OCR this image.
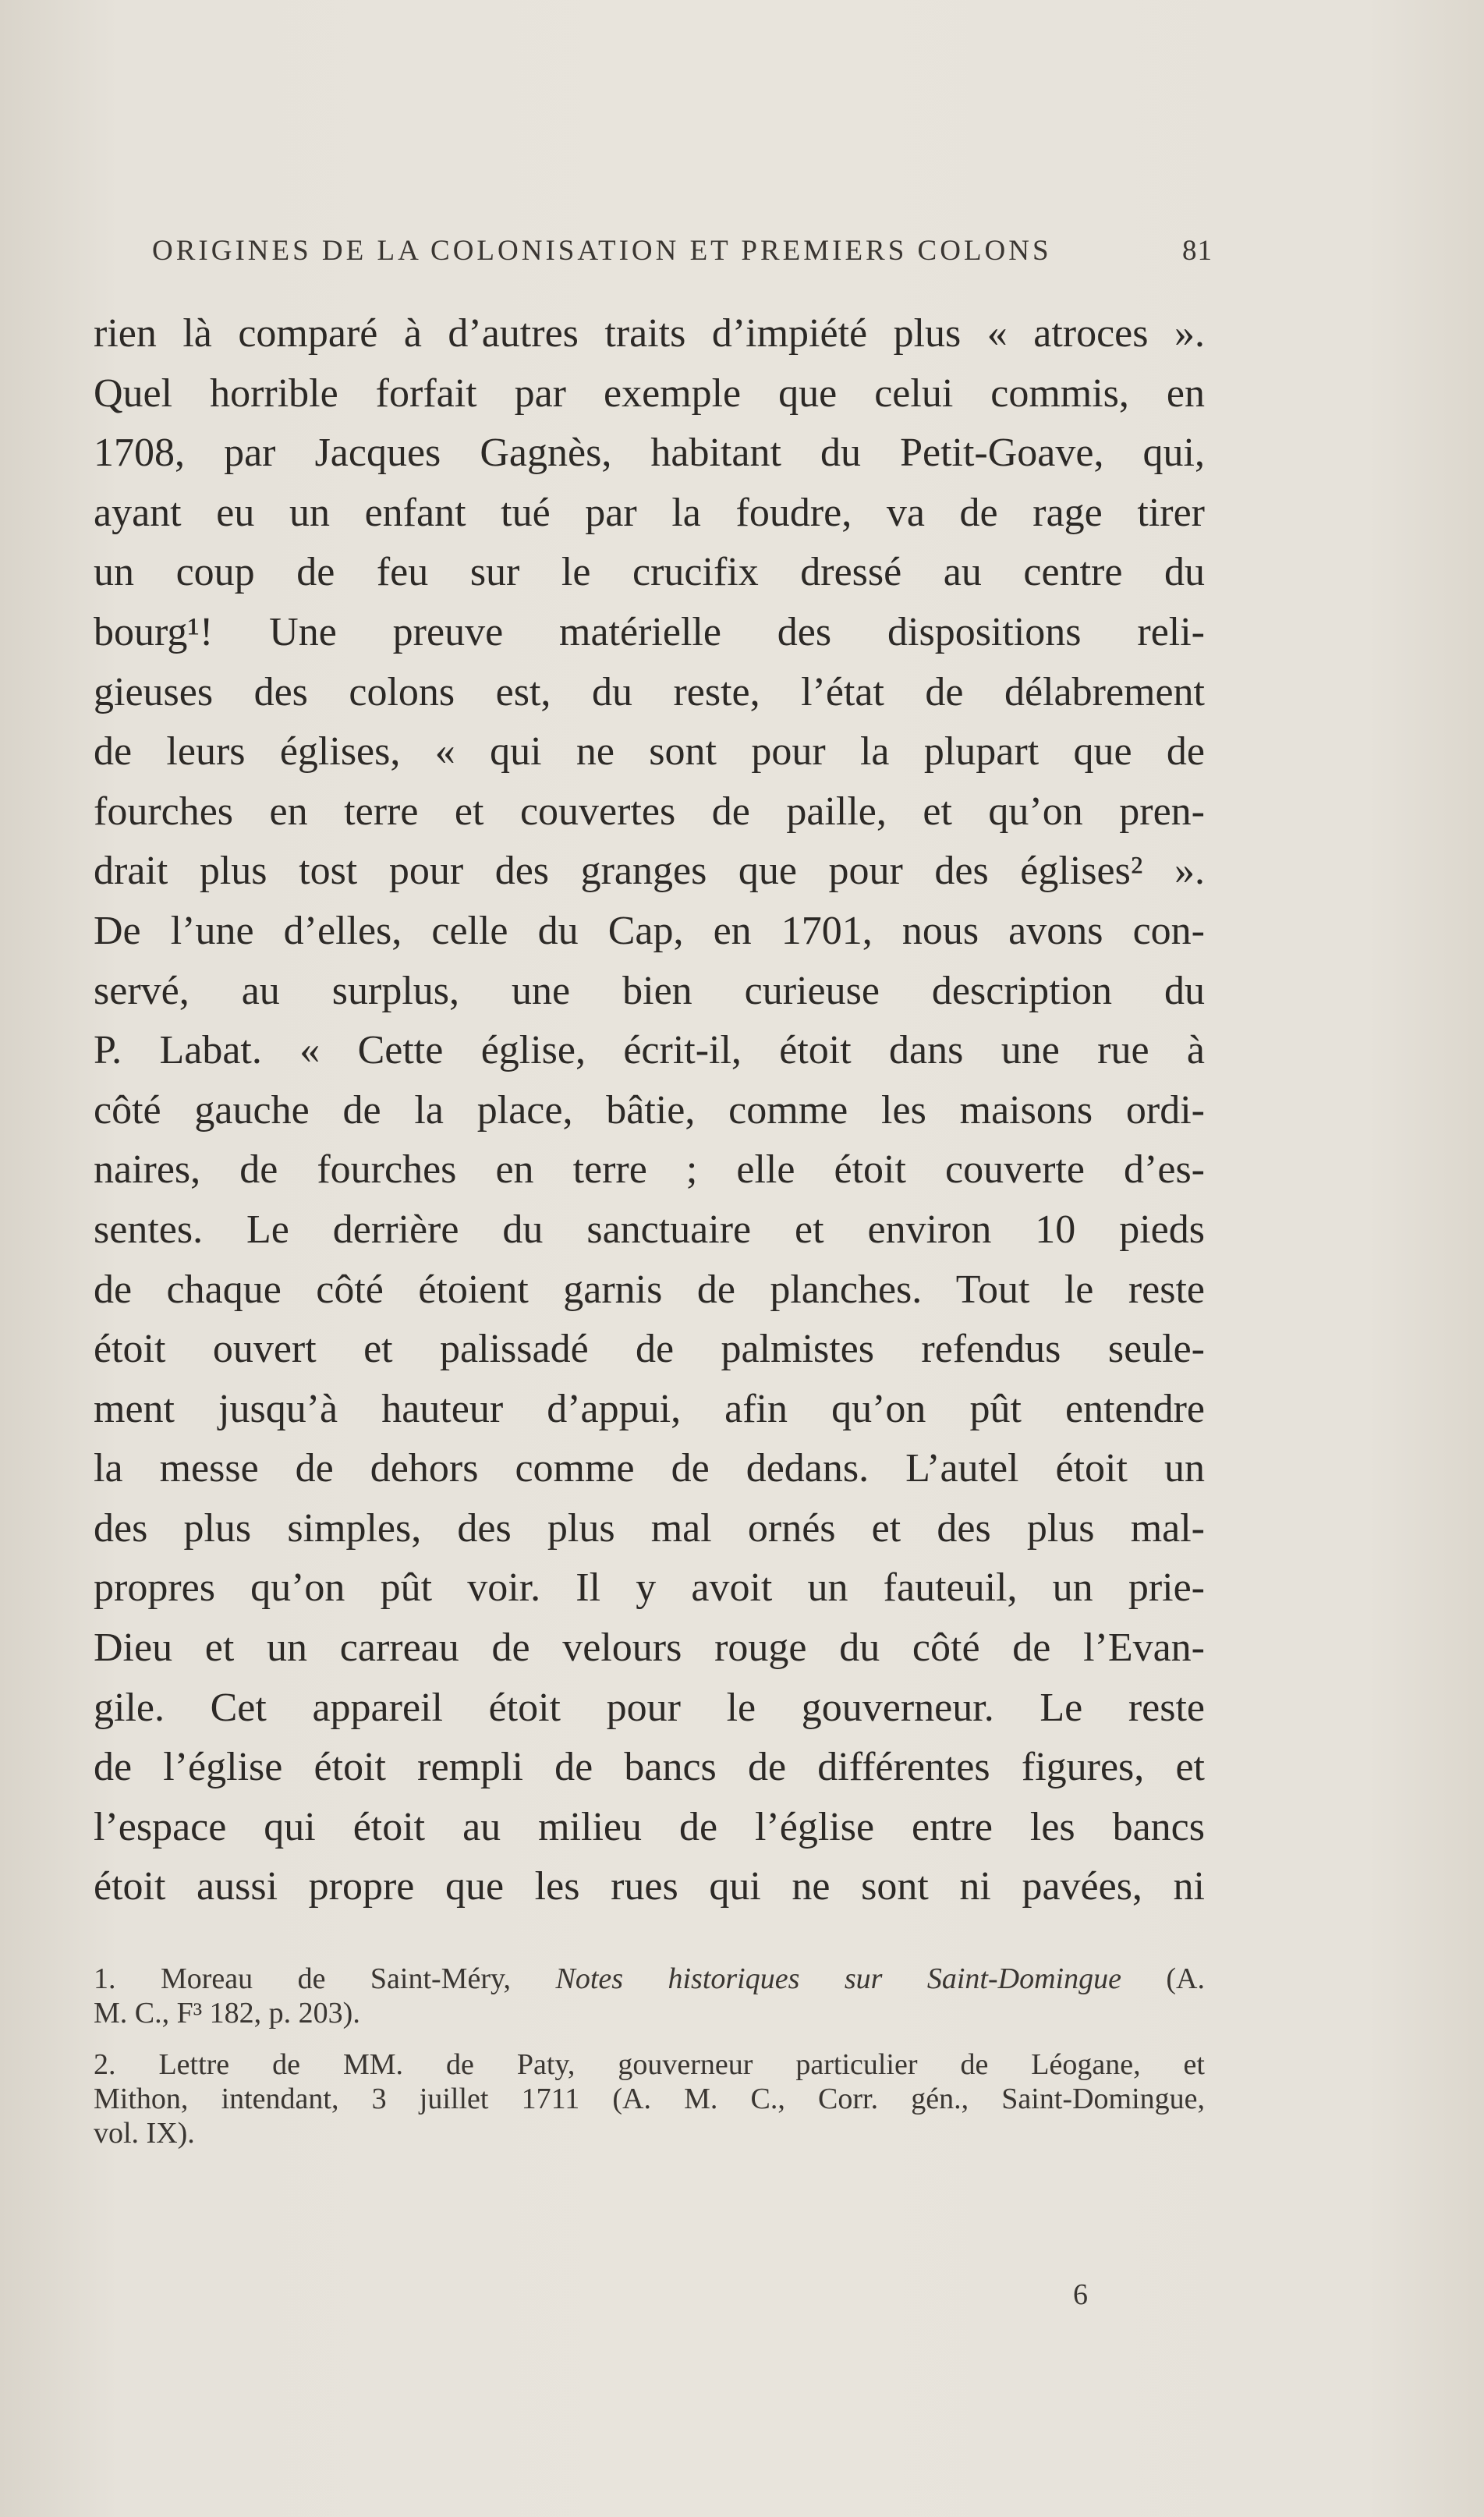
ORIGINES DE LA COLONISATION ET PREMIERS COLONS	81
rien là comparé à d’autres traits d’impiété plus « atroces ».
Quel horrible forfait par exemple que celui commis, en
1708, par Jacques Gagnès, habitant du Petit-Goave, qui,
ayant eu un enfant tué par la foudre, va de rage tirer
un coup de feu sur le crucifix dressé au centre du
bourg¹! Une preuve matérielle des dispositions reli-
gieuses des colons est, du reste, l’état de délabrement
de leurs églises, « qui ne sont pour la plupart que de
fourches en terre et couvertes de paille, et qu’on pren-
drait plus tost pour des granges que pour des églises² ».
De l’une d’elles, celle du Cap, en 1701, nous avons con-
servé, au surplus, une bien curieuse description du
P. Labat. « Cette église, écrit-il, étoit dans une rue à
côté gauche de la place, bâtie, comme les maisons ordi-
naires, de fourches en terre ; elle étoit couverte d’es-
sentes. Le derrière du sanctuaire et environ 10 pieds
de chaque côté étoient garnis de planches. Tout le reste
étoit ouvert et palissadé de palmistes refendus seule-
ment jusqu’à hauteur d’appui, afin qu’on pût entendre
la messe de dehors comme de dedans. L’autel étoit un
des plus simples, des plus mal ornés et des plus mal-
propres qu’on pût voir. Il y avoit un fauteuil, un prie-
Dieu et un carreau de velours rouge du côté de l’Evan-
gile. Cet appareil étoit pour le gouverneur. Le reste
de l’église étoit rempli de bancs de différentes figures, et
l’espace qui étoit au milieu de l’église entre les bancs
étoit aussi propre que les rues qui ne sont ni pavées, ni
1. Moreau de Saint-Méry, Notes historiques sur Saint-Domingue (A.
M. C., F³ 182, p. 203).
2. Lettre de MM. de Paty, gouverneur particulier de Léogane, et
Mithon, intendant, 3 juillet 1711 (A. M. C., Corr. gén., Saint-Domingue,
vol. IX).
6
